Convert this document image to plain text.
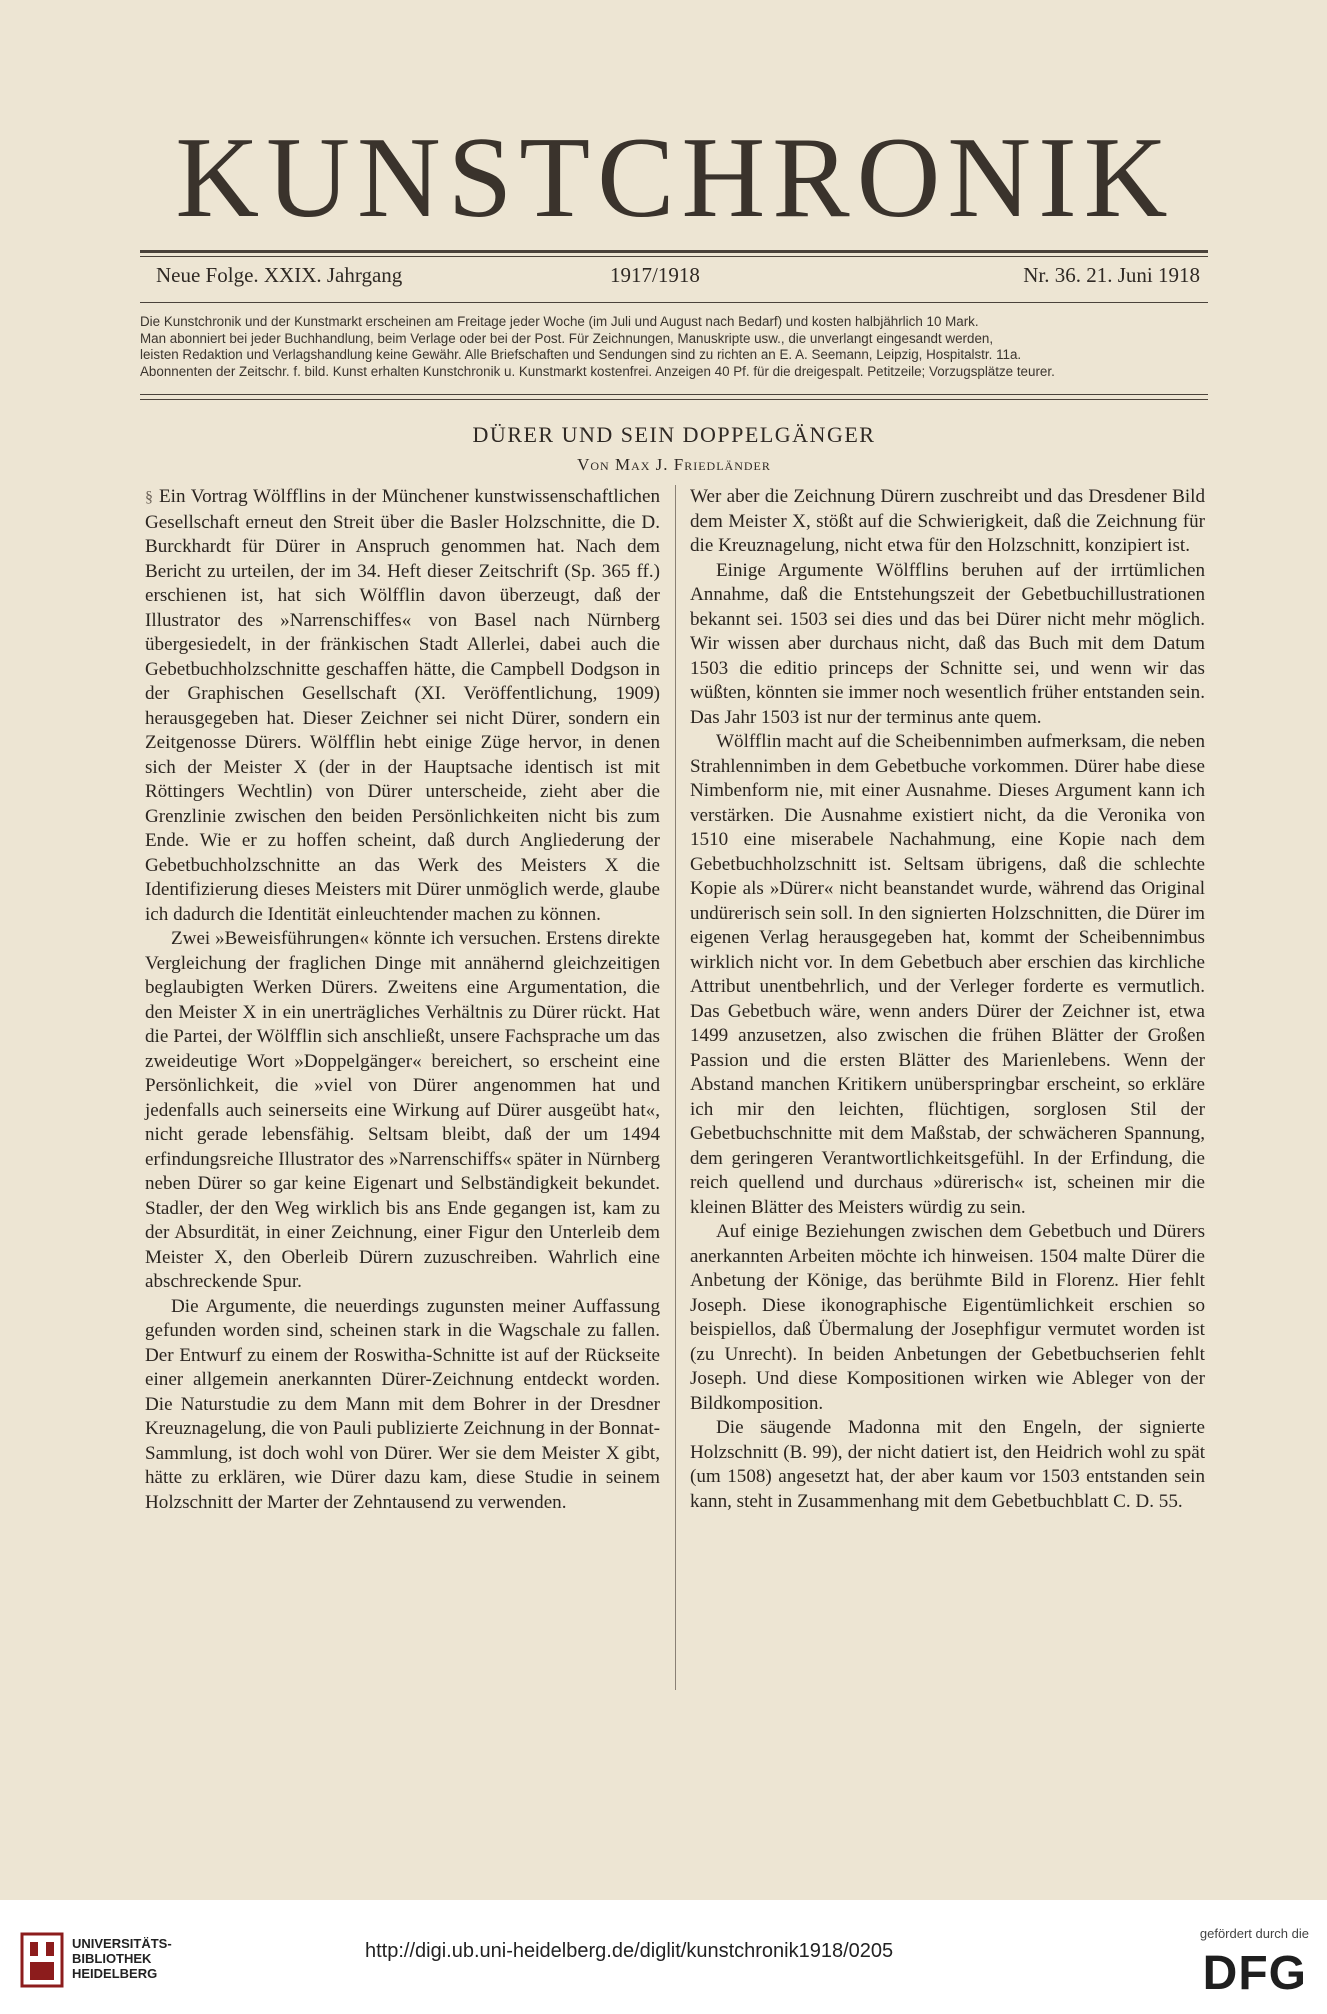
KUNSTCHRONIK
Neue Folge. XXIX. Jahrgang	1917/1918	Nr. 36. 21. Juni 1918

Die Kunstchronik und der Kunstmarkt erscheinen am Freitage jeder Woche (im Juli und August nach Bedarf) und kosten halbjährlich 10 Mark.

Man abonniert bei jeder Buchhandlung, beim Verlage oder bei der Post. Für Zeichnungen, Manuskripte usw., die unverlangt eingesandt werden,

leisten Redaktion und Verlagshandlung keine Gewähr. Alle Briefschaften und Sendungen sind zu richten an E. A. Seemann, Leipzig, Hospitalstr. 11a.

Abonnenten der Zeitschr. f. bild. Kunst erhalten Kunstchronik u. Kunstmarkt kostenfrei. Anzeigen 40 Pf. für die dreigespalt. Petitzeile; Vorzugsplätze teurer.

DÜRER UND SEIN DOPPELGÄNGER
Von Max J. Friedländer

§ Ein Vortrag Wölfflins in der Münchener kunstwissenschaftlichen Gesellschaft erneut den Streit über die Basler Holzschnitte, die D. Burckhardt für Dürer in Anspruch genommen hat. Nach dem Bericht zu urteilen, der im 34. Heft dieser Zeitschrift (Sp. 365 ff.) erschienen ist, hat sich Wölfflin davon überzeugt, daß der Illustrator des »Narrenschiffes« von Basel nach Nürnberg übergesiedelt, in der fränkischen Stadt Allerlei, dabei auch die Gebetbuchholzschnitte geschaffen hätte, die Campbell Dodgson in der Graphischen Gesellschaft (XI. Veröffentlichung, 1909) herausgegeben hat. Dieser Zeichner sei nicht Dürer, sondern ein Zeitgenosse Dürers. Wölfflin hebt einige Züge hervor, in denen sich der Meister X (der in der Hauptsache identisch ist mit Röttingers Wechtlin) von Dürer unterscheide, zieht aber die Grenzlinie zwischen den beiden Persönlichkeiten nicht bis zum Ende. Wie er zu hoffen scheint, daß durch Angliederung der Gebetbuchholzschnitte an das Werk des Meisters X die Identifizierung dieses Meisters mit Dürer unmöglich werde, glaube ich dadurch die Identität einleuchtender machen zu können.

Zwei »Beweisführungen« könnte ich versuchen. Erstens direkte Vergleichung der fraglichen Dinge mit annähernd gleichzeitigen beglaubigten Werken Dürers. Zweitens eine Argumentation, die den Meister X in ein unerträgliches Verhältnis zu Dürer rückt. Hat die Partei, der Wölfflin sich anschließt, unsere Fachsprache um das zweideutige Wort »Doppelgänger« bereichert, so erscheint eine Persönlichkeit, die »viel von Dürer angenommen hat und jedenfalls auch seinerseits eine Wirkung auf Dürer ausgeübt hat«, nicht gerade lebensfähig. Seltsam bleibt, daß der um 1494 erfindungsreiche Illustrator des »Narrenschiffs« später in Nürnberg neben Dürer so gar keine Eigenart und Selbständigkeit bekundet. Stadler, der den Weg wirklich bis ans Ende gegangen ist, kam zu der Absurdität, in einer Zeichnung, einer Figur den Unterleib dem Meister X, den Oberleib Dürern zuzuschreiben. Wahrlich eine abschreckende Spur.

Die Argumente, die neuerdings zugunsten meiner Auffassung gefunden worden sind, scheinen stark in die Wagschale zu fallen. Der Entwurf zu einem der Roswitha-Schnitte ist auf der Rückseite einer allgemein anerkannten Dürer-Zeichnung entdeckt worden. Die Naturstudie zu dem Mann mit dem Bohrer in der Dresdner Kreuznagelung, die von Pauli publizierte Zeichnung in der Bonnat-Sammlung, ist doch wohl von Dürer. Wer sie dem Meister X gibt, hätte zu erklären, wie Dürer dazu kam, diese Studie in seinem Holzschnitt der Marter der Zehntausend zu verwenden.

Wer aber die Zeichnung Dürern zuschreibt und das Dresdener Bild dem Meister X, stößt auf die Schwierigkeit, daß die Zeichnung für die Kreuznagelung, nicht etwa für den Holzschnitt, konzipiert ist.

Einige Argumente Wölfflins beruhen auf der irrtümlichen Annahme, daß die Entstehungszeit der Gebetbuchillustrationen bekannt sei. 1503 sei dies und das bei Dürer nicht mehr möglich. Wir wissen aber durchaus nicht, daß das Buch mit dem Datum 1503 die editio princeps der Schnitte sei, und wenn wir das wüßten, könnten sie immer noch wesentlich früher entstanden sein. Das Jahr 1503 ist nur der terminus ante quem.

Wölfflin macht auf die Scheibennimben aufmerksam, die neben Strahlennimben in dem Gebetbuche vorkommen. Dürer habe diese Nimbenform nie, mit einer Ausnahme. Dieses Argument kann ich verstärken. Die Ausnahme existiert nicht, da die Veronika von 1510 eine miserabele Nachahmung, eine Kopie nach dem Gebetbuchholzschnitt ist. Seltsam übrigens, daß die schlechte Kopie als »Dürer« nicht beanstandet wurde, während das Original undürerisch sein soll. In den signierten Holzschnitten, die Dürer im eigenen Verlag herausgegeben hat, kommt der Scheibennimbus wirklich nicht vor. In dem Gebetbuch aber erschien das kirchliche Attribut unentbehrlich, und der Verleger forderte es vermutlich. Das Gebetbuch wäre, wenn anders Dürer der Zeichner ist, etwa 1499 anzusetzen, also zwischen die frühen Blätter der Großen Passion und die ersten Blätter des Marienlebens. Wenn der Abstand manchen Kritikern unüberspringbar erscheint, so erkläre ich mir den leichten, flüchtigen, sorglosen Stil der Gebetbuchschnitte mit dem Maßstab, der schwächeren Spannung, dem geringeren Verantwortlichkeitsgefühl. In der Erfindung, die reich quellend und durchaus »dürerisch« ist, scheinen mir die kleinen Blätter des Meisters würdig zu sein.

Auf einige Beziehungen zwischen dem Gebetbuch und Dürers anerkannten Arbeiten möchte ich hinweisen. 1504 malte Dürer die Anbetung der Könige, das berühmte Bild in Florenz. Hier fehlt Joseph. Diese ikonographische Eigentümlichkeit erschien so beispiellos, daß Übermalung der Josephfigur vermutet worden ist (zu Unrecht). In beiden Anbetungen der Gebetbuchserien fehlt Joseph. Und diese Kompositionen wirken wie Ableger von der Bildkomposition.

Die säugende Madonna mit den Engeln, der signierte Holzschnitt (B. 99), der nicht datiert ist, den Heidrich wohl zu spät (um 1508) angesetzt hat, der aber kaum vor 1503 entstanden sein kann, steht in Zusammenhang mit dem Gebetbuchblatt C. D. 55.

UNIVERSITÄTS-
BIBLIOTHEK
HEIDELBERG
http://digi.ub.uni-heidelberg.de/diglit/kunstchronik1918/0205
gefördert durch die
DFG
